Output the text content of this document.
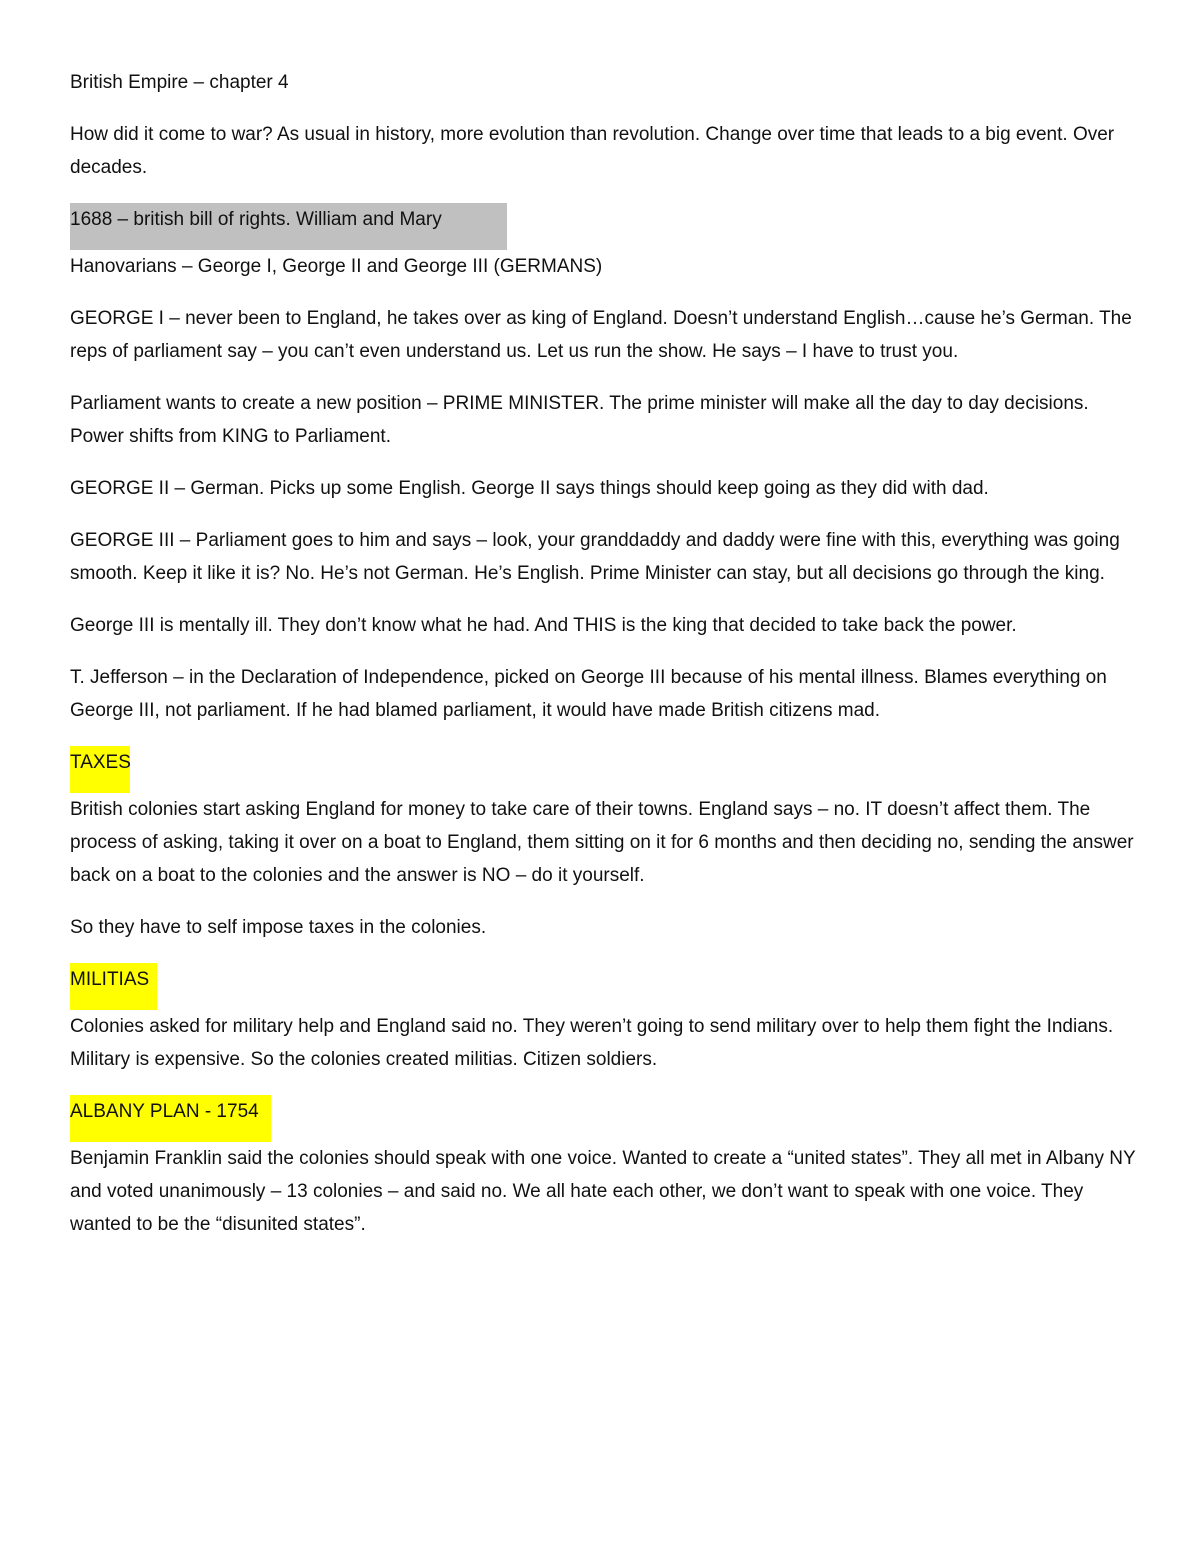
British Empire – chapter 4

How did it come to war? As usual in history, more evolution than revolution. Change over time that leads to a big event. Over decades.

1688 – british bill of rights. William and Mary

Hanovarians – George I, George II and George III (GERMANS)

GEORGE I – never been to England, he takes over as king of England. Doesn’t understand English…cause he’s German. The reps of parliament say – you can’t even understand us. Let us run the show. He says – I have to trust you.

Parliament wants to create a new position – PRIME MINISTER. The prime minister will make all the day to day decisions. Power shifts from KING to Parliament.

GEORGE II – German. Picks up some English. George II says things should keep going as they did with dad.

GEORGE III – Parliament goes to him and says – look, your granddaddy and daddy were fine with this, everything was going smooth. Keep it like it is? No. He’s not German. He’s English. Prime Minister can stay, but all decisions go through the king.

George III is mentally ill. They don’t know what he had. And THIS is the king that decided to take back the power.

T. Jefferson – in the Declaration of Independence, picked on George III because of his mental illness. Blames everything on George III, not parliament. If he had blamed parliament, it would have made British citizens mad.

TAXES

British colonies start asking England for money to take care of their towns. England says – no. IT doesn’t affect them. The process of asking, taking it over on a boat to England, them sitting on it for 6 months and then deciding no, sending the answer back on a boat to the colonies and the answer is NO – do it yourself.

So they have to self impose taxes in the colonies.

MILITIAS

Colonies asked for military help and England said no. They weren’t going to send military over to help them fight the Indians. Military is expensive. So the colonies created militias. Citizen soldiers.

ALBANY PLAN - 1754

Benjamin Franklin said the colonies should speak with one voice. Wanted to create a “united states”. They all met in Albany NY and voted unanimously – 13 colonies – and said no. We all hate each other, we don’t want to speak with one voice. They wanted to be the “disunited states”.
